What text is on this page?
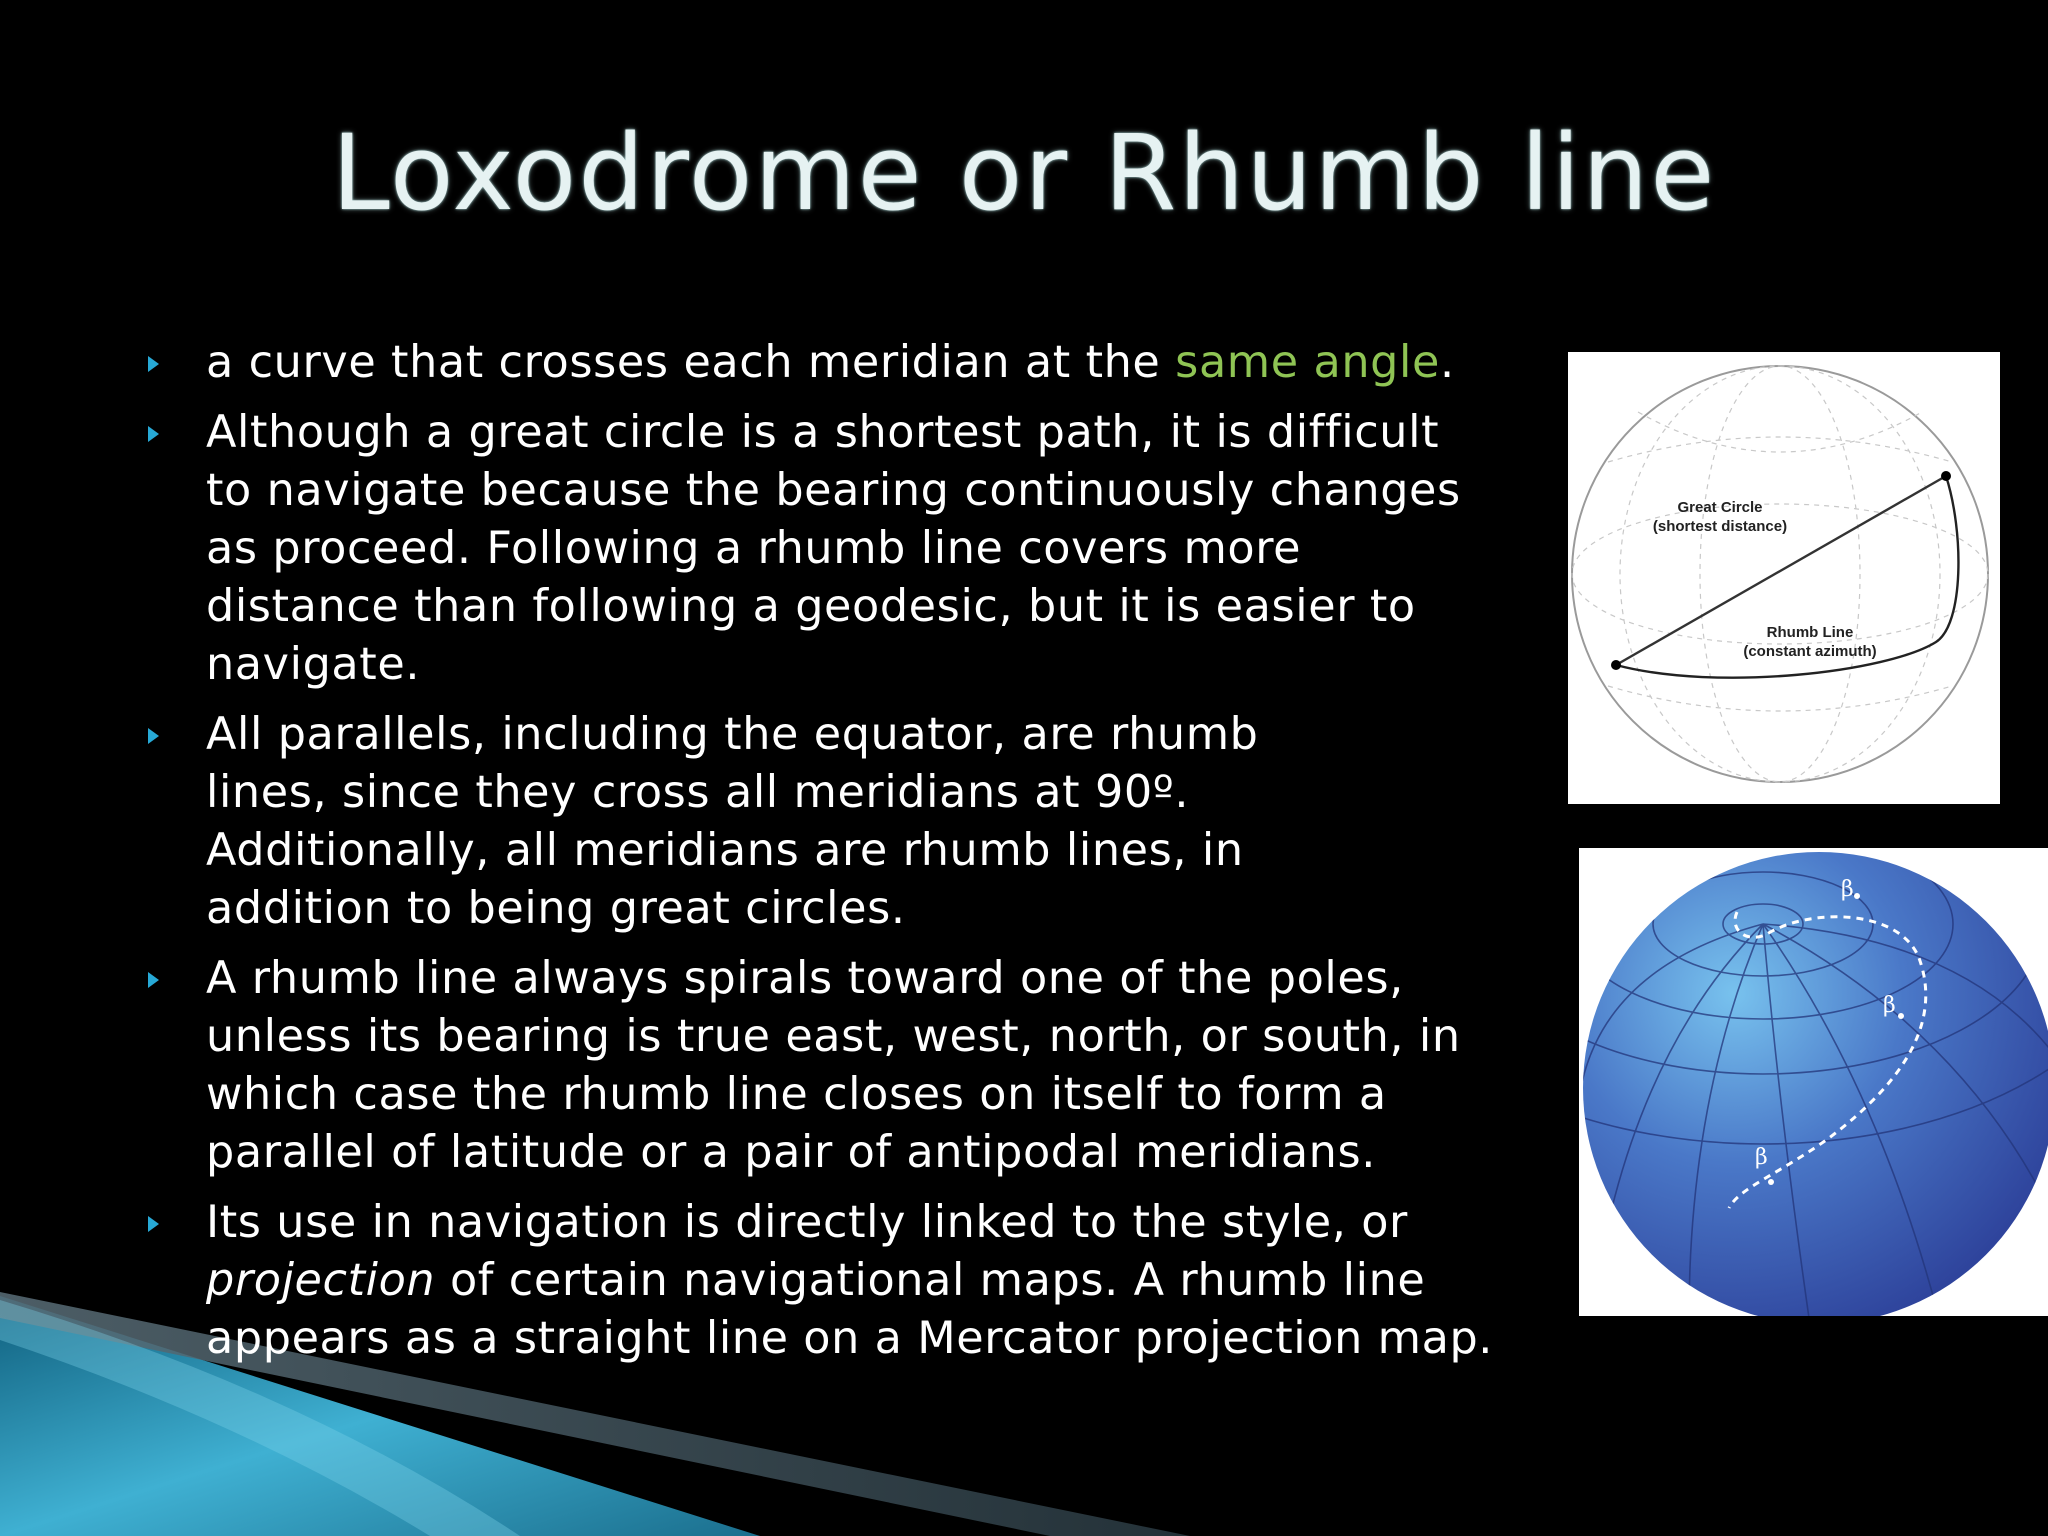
Loxodrome or Rhumb line
a curve that crosses each meridian at the same angle.
Although a great circle is a shortest path, it is difficult to navigate because the bearing continuously changes as proceed. Following a rhumb line covers more distance than following a geodesic, but it is easier to navigate.
All parallels, including the equator, are rhumb lines, since they cross all meridians at 90º. Additionally, all meridians are rhumb lines, in addition to being great circles.
A rhumb line always spirals toward one of the poles, unless its bearing is true east, west, north, or south, in which case the rhumb line closes on itself to form a parallel of latitude or a pair of antipodal meridians.
Its use in navigation is directly linked to the style, or projection of certain navigational maps. A rhumb line appears as a straight line on a Mercator projection map.
Great Circle
(shortest distance)
Rhumb Line
(constant azimuth)
β
β
β
